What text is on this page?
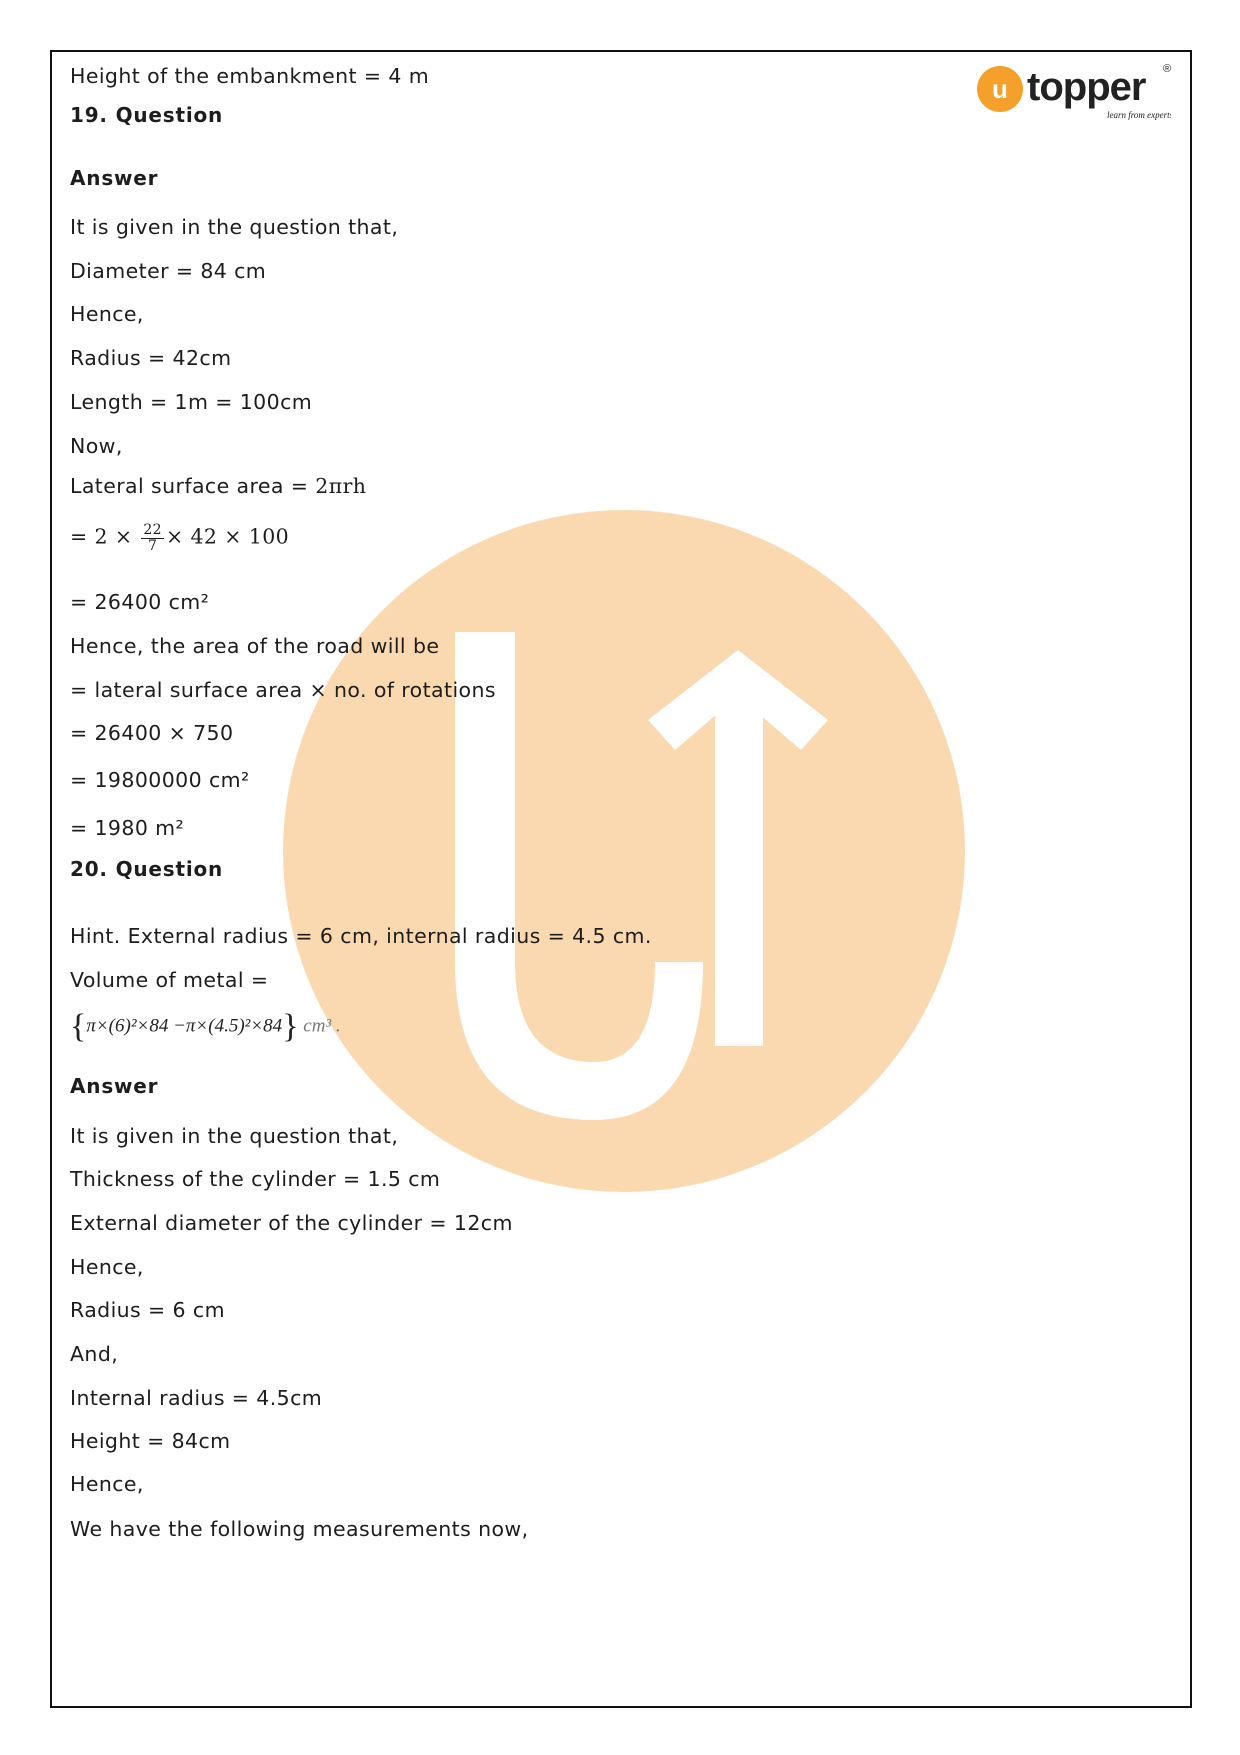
u topper ®
learn from experts
Height of the embankment = 4 m
19. Question
Answer
It is given in the question that,
Diameter = 84 cm
Hence,
Radius = 42cm
Length = 1m = 100cm
Now,
Lateral surface area = 2πrh
= $2 \times \frac{22}{7} \times 42 \times 100$
= 26400 cm²
Hence, the area of the road will be
= lateral surface area × no. of rotations
= 26400 × 750
= 19800000 cm²
= 1980 m²
20. Question
Hint. External radius = 6 cm, internal radius = 4.5 cm.
Volume of metal =
{π×(6)²×84 −π×(4.5)²×84} cm³ .
Answer
It is given in the question that,
Thickness of the cylinder = 1.5 cm
External diameter of the cylinder = 12cm
Hence,
Radius = 6 cm
And,
Internal radius = 4.5cm
Height = 84cm
Hence,
We have the following measurements now,
